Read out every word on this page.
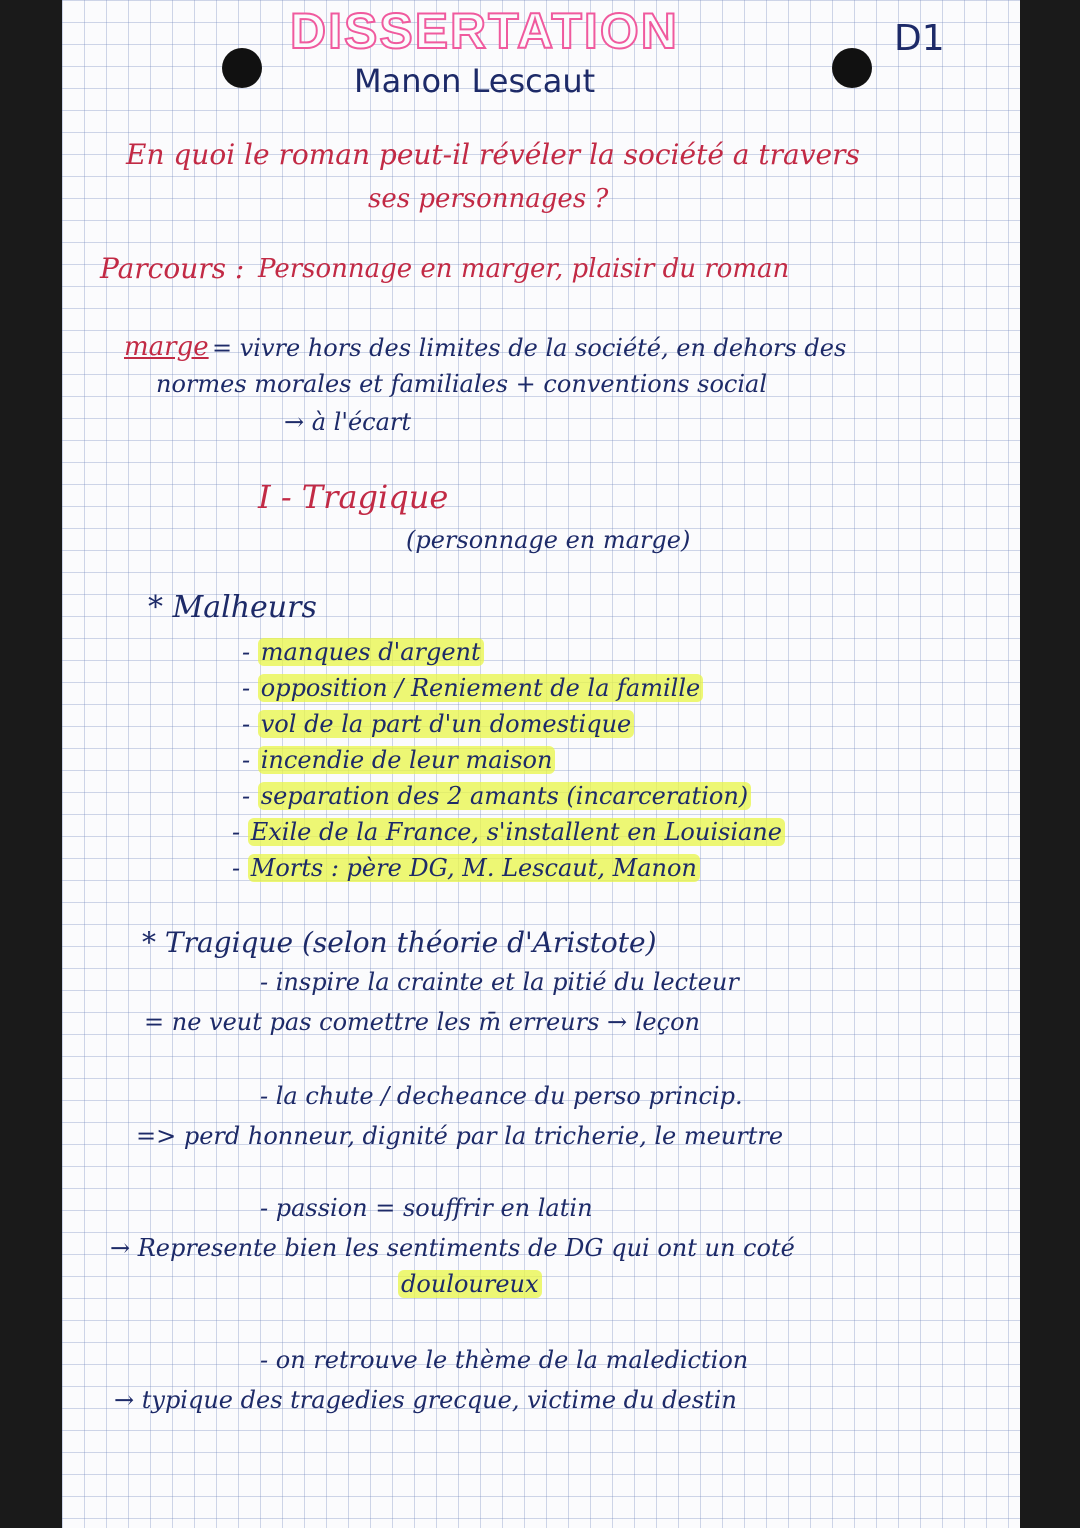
DISSERTATION
Manon Lescaut
D1
En quoi le roman peut-il révéler la société a travers
ses personnages ?
Parcours : Personnage en marger, plaisir du roman
marge = vivre hors des limites de la société, en dehors des
normes morales et familiales + conventions social
→ à l'écart
I - Tragique
(personnage en marge)
* Malheurs
- manques d'argent
- opposition / Reniement de la famille
- vol de la part d'un domestique
- incendie de leur maison
- separation des 2 amants (incarceration)
- Exile de la France, s'installent en Louisiane
- Morts : père DG, M. Lescaut, Manon
* Tragique (selon théorie d'Aristote)
- inspire la crainte et la pitié du lecteur
= ne veut pas comettre les m̄ erreurs → leçon
- la chute / decheance du perso princip.
=> perd honneur, dignité par la tricherie, le meurtre
- passion = souffrir en latin
→ Represente bien les sentiments de DG qui ont un coté
douloureux
- on retrouve le thème de la malediction
→ typique des tragedies grecque, victime du destin
